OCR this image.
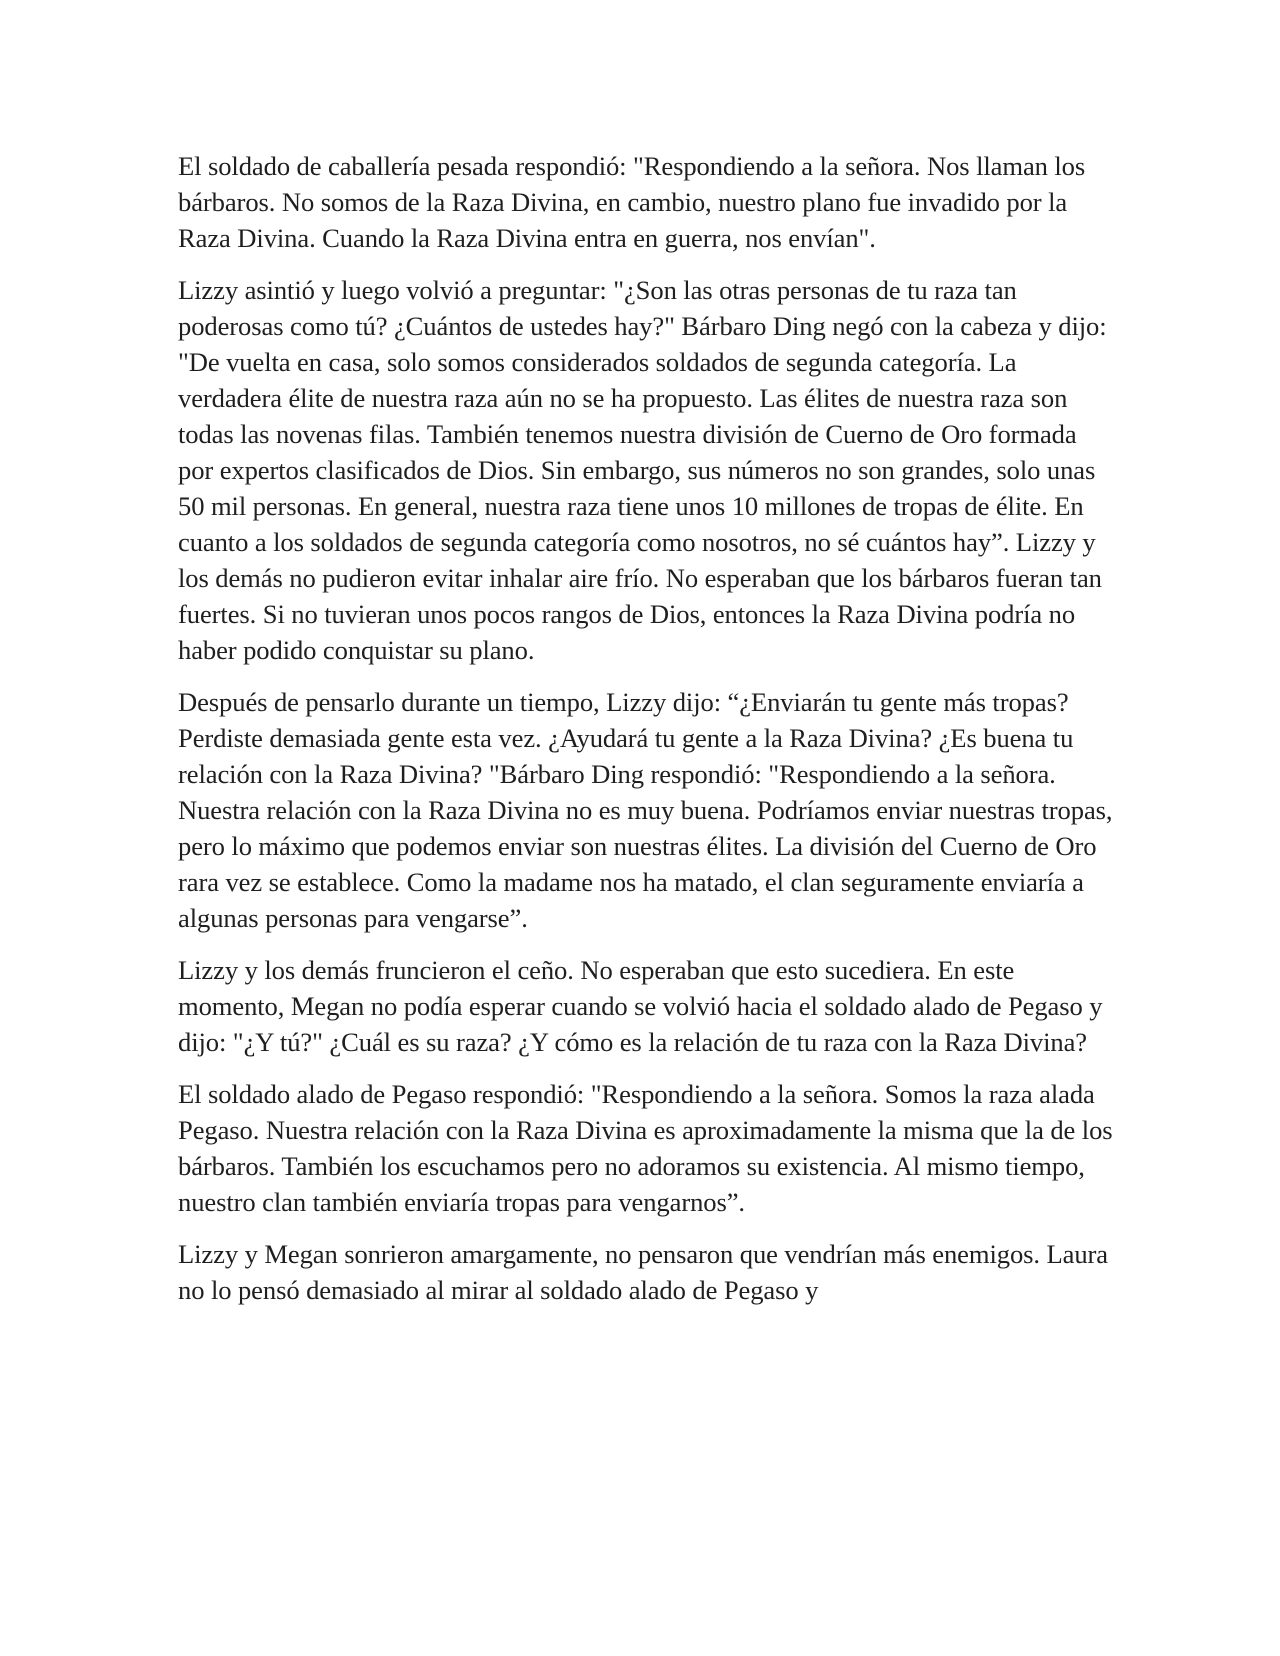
El soldado de caballería pesada respondió: "Respondiendo a la señora. Nos llaman los bárbaros. No somos de la Raza Divina, en cambio, nuestro plano fue invadido por la Raza Divina. Cuando la Raza Divina entra en guerra, nos envían".

Lizzy asintió y luego volvió a preguntar: "¿Son las otras personas de tu raza tan poderosas como tú? ¿Cuántos de ustedes hay?" Bárbaro Ding negó con la cabeza y dijo: "De vuelta en casa, solo somos considerados soldados de segunda categoría. La verdadera élite de nuestra raza aún no se ha propuesto. Las élites de nuestra raza son todas las novenas filas. También tenemos nuestra división de Cuerno de Oro formada por expertos clasificados de Dios. Sin embargo, sus números no son grandes, solo unas 50 mil personas. En general, nuestra raza tiene unos 10 millones de tropas de élite. En cuanto a los soldados de segunda categoría como nosotros, no sé cuántos hay”. Lizzy y los demás no pudieron evitar inhalar aire frío. No esperaban que los bárbaros fueran tan fuertes. Si no tuvieran unos pocos rangos de Dios, entonces la Raza Divina podría no haber podido conquistar su plano.

Después de pensarlo durante un tiempo, Lizzy dijo: “¿Enviarán tu gente más tropas? Perdiste demasiada gente esta vez. ¿Ayudará tu gente a la Raza Divina? ¿Es buena tu relación con la Raza Divina? "Bárbaro Ding respondió: "Respondiendo a la señora. Nuestra relación con la Raza Divina no es muy buena. Podríamos enviar nuestras tropas, pero lo máximo que podemos enviar son nuestras élites. La división del Cuerno de Oro rara vez se establece. Como la madame nos ha matado, el clan seguramente enviaría a algunas personas para vengarse”.

Lizzy y los demás fruncieron el ceño. No esperaban que esto sucediera. En este momento, Megan no podía esperar cuando se volvió hacia el soldado alado de Pegaso y dijo: "¿Y tú?" ¿Cuál es su raza? ¿Y cómo es la relación de tu raza con la Raza Divina?

El soldado alado de Pegaso respondió: "Respondiendo a la señora. Somos la raza alada Pegaso. Nuestra relación con la Raza Divina es aproximadamente la misma que la de los bárbaros. También los escuchamos pero no adoramos su existencia. Al mismo tiempo, nuestro clan también enviaría tropas para vengarnos”.

Lizzy y Megan sonrieron amargamente, no pensaron que vendrían más enemigos. Laura no lo pensó demasiado al mirar al soldado alado de Pegaso y
